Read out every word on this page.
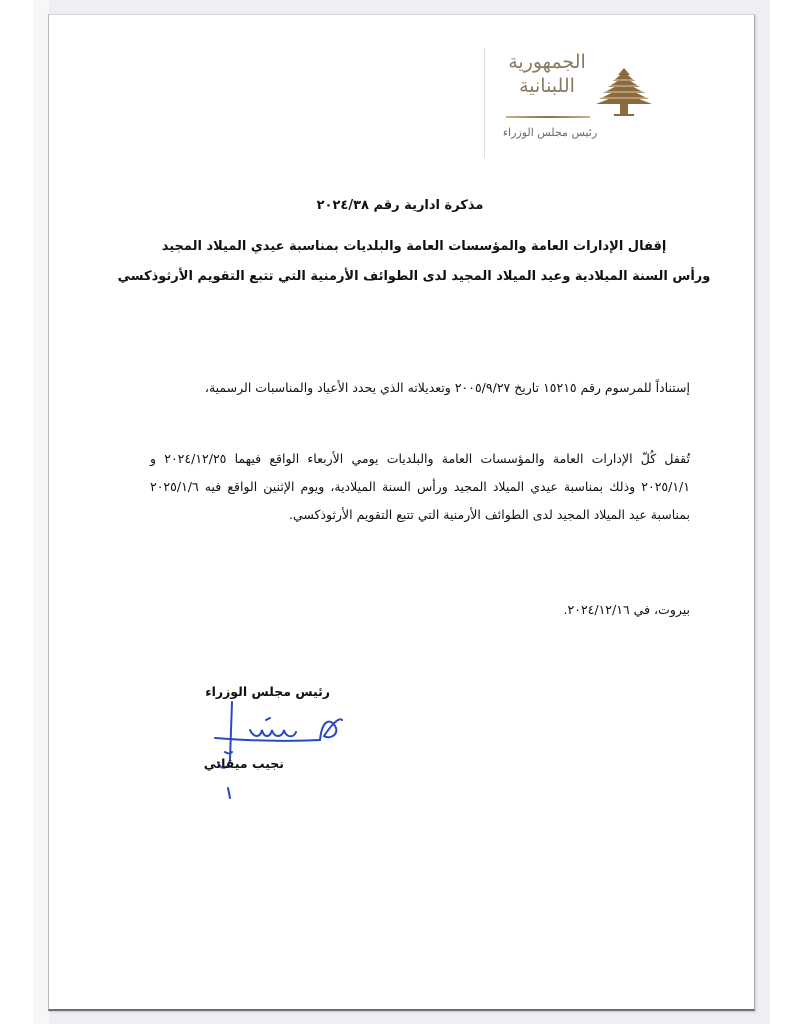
الجمهورية
اللبنانية
رئيس مجلس الوزراء
مذكرة ادارية رقم ٢٠٢٤/٣٨
إقفال الإدارات العامة والمؤسسات العامة والبلديات بمناسبة عيدي الميلاد المجيد
ورأس السنة الميلادية وعيد الميلاد المجيد لدى الطوائف الأرمنية التي تتبع التقويم الأرثوذكسي
إستناداً للمرسوم رقم ١٥٢١٥ تاريخ ٢٠٠٥/٩/٢٧ وتعديلاته الذي يحدد الأعياد والمناسبات الرسمية،
تُقفل كُلّ الإدارات العامة والمؤسسات العامة والبلديات يومي الأربعاء الواقع فيهما ٢٠٢٤/١٢/٢٥ و ٢٠٢٥/١/١ وذلك بمناسبة عيدي الميلاد المجيد ورأس السنة الميلادية، ويوم الإثنين الواقع فيه ٢٠٢٥/١/٦ بمناسبة عيد الميلاد المجيد لدى الطوائف الأرمنية التي تتبع التقويم الأرثوذكسي.
بيروت، في ٢٠٢٤/١٢/١٦.
رئيس مجلس الوزراء
نجيب ميقاتي
